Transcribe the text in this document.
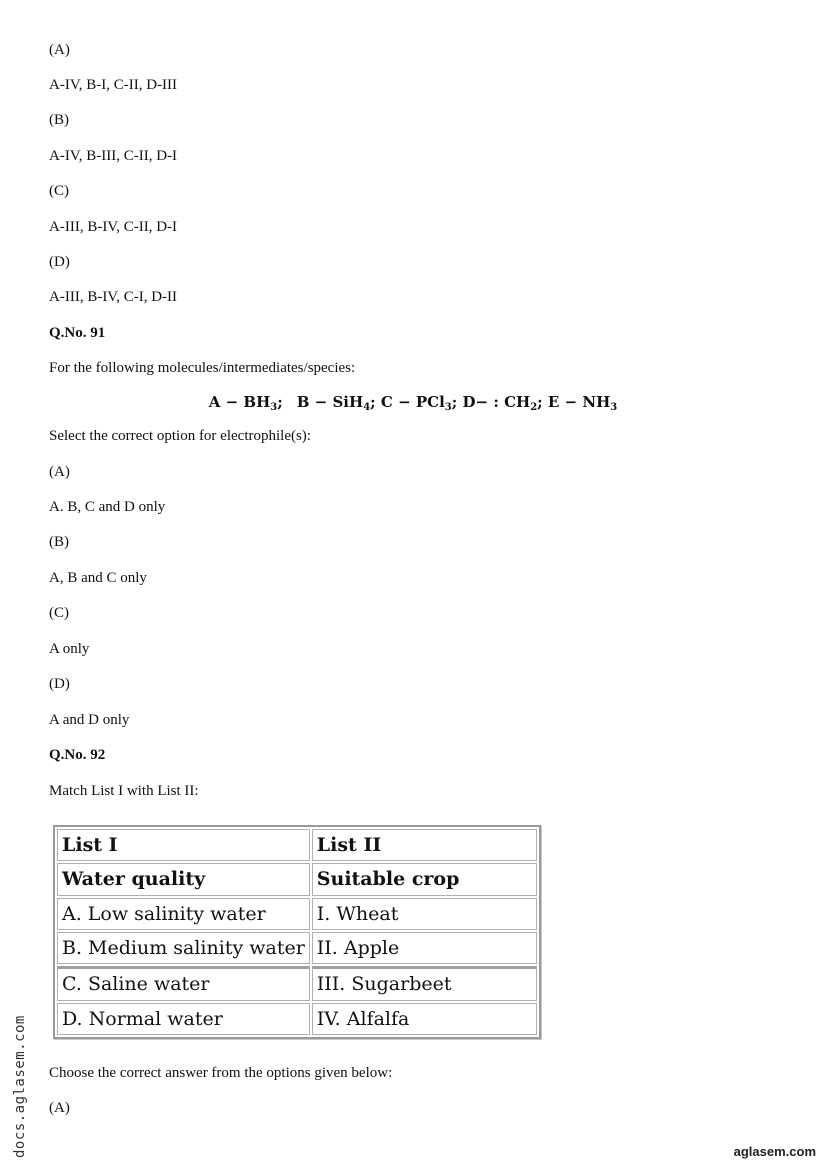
(A)
A-IV, B-I, C-II, D-III
(B)
A-IV, B-III, C-II, D-I
(C)
A-III, B-IV, C-II, D-I
(D)
A-III, B-IV, C-I, D-II
Q.No. 91
For the following molecules/intermediates/species:
$A - BH_3$; B − SiH$_4$; C − PCl$_3$; D− : $CH_2$; $E - NH_3$
Select the correct option for electrophile(s):
(A)
A. B, C and D only
(B)
A, B and C only
(C)
A only
(D)
A and D only
Q.No. 92
Match List I with List II:
List I	List II
Water quality	Suitable crop
A. Low salinity water	I. Wheat
B. Medium salinity water	II. Apple
C. Saline water	III. Sugarbeet
D. Normal water	IV. Alfalfa
Choose the correct answer from the options given below:
(A)
docs.aglasem.com	aglasem.com
